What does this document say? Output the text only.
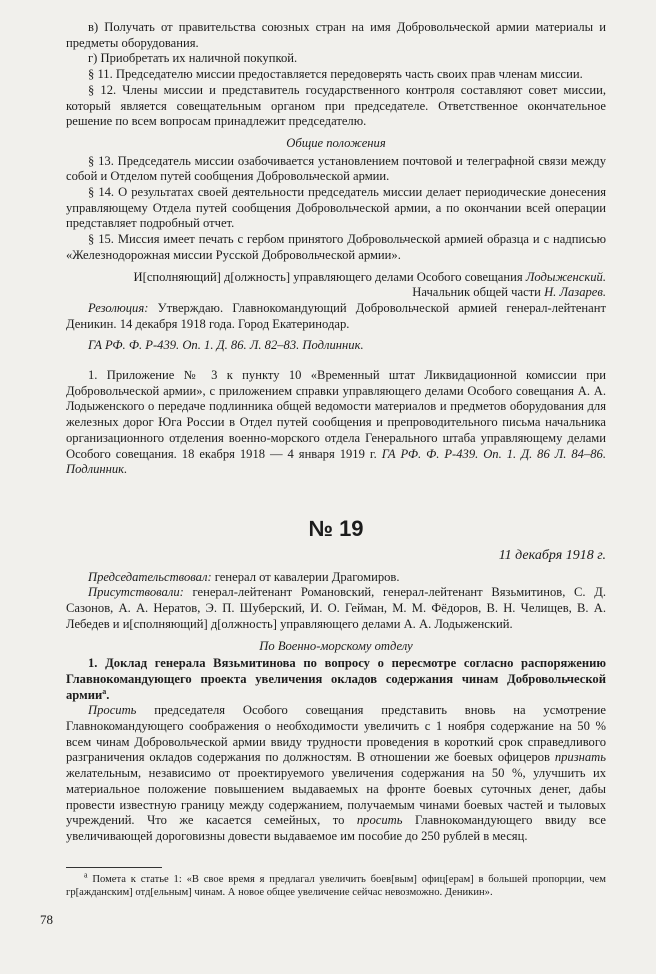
в) Получать от правительства союзных стран на имя Добровольческой армии материалы и предметы оборудования.

г) Приобретать их наличной покупкой.

§ 11. Председателю миссии предоставляется передоверять часть своих прав членам миссии.

§ 12. Члены миссии и представитель государственного контроля составляют совет миссии, который является совещательным органом при председателе. Ответственное окончательное решение по всем вопросам принадлежит председателю.

Общие положения

§ 13. Председатель миссии озабочивается установлением почтовой и телеграфной связи между собой и Отделом путей сообщения Добровольческой армии.

§ 14. О результатах своей деятельности председатель миссии делает периодические донесения управляющему Отдела путей сообщения Добровольческой армии, а по окончании всей операции представляет подробный отчет.

§ 15. Миссия имеет печать с гербом принятого Добровольческой армией образца и с надписью «Железнодорожная миссии Русской Добровольческой армии».

И[сполняющий] д[олжность] управляющего делами Особого совещания Лодыженский.

Начальник общей части Н. Лазарев.

Резолюция: Утверждаю. Главнокомандующий Добровольческой армией генерал-лейтенант Деникин. 14 декабря 1918 года. Город Екатеринодар.

ГА РФ. Ф. Р-439. Оп. 1. Д. 86. Л. 82–83. Подлинник.

1. Приложение № 3 к пункту 10 «Временный штат Ликвидационной комиссии при Добровольческой армии», с приложением справки управляющего делами Особого совещания А. А. Лодыженского о передаче подлинника общей ведомости материалов и предметов оборудования для железных дорог Юга России в Отдел путей сообщения и препроводительного письма начальника организационного отделения военно-морского отдела Генерального штаба управляющему делами Особого совещания. 18 екабря 1918 — 4 января 1919 г. ГА РФ. Ф. Р-439. Оп. 1. Д. 86 Л. 84–86. Подлинник.

№ 19
11 декабря 1918 г.

Председательствовал: генерал от кавалерии Драгомиров.

Присутствовали: генерал-лейтенант Романовский, генерал-лейтенант Вязьмитинов, С. Д. Сазонов, А. А. Нератов, Э. П. Шуберский, И. О. Гейман, М. М. Фёдоров, В. Н. Челищев, В. А. Лебедев и и[сполняющий] д[олжность] управляющего делами А. А. Лодыженский.

По Военно-морскому отделу

1. Доклад генерала Вязьмитинова по вопросу о пересмотре согласно распоряжению Главнокомандующего проекта увеличения окладов содержания чинам Добровольческой армии$^а$.

Просить председателя Особого совещания представить вновь на усмотрение Главнокомандующего соображения о необходимости увеличить с 1 ноября содержание на 50 % всем чинам Добровольческой армии ввиду трудности проведения в короткий срок справедливого разграничения окладов содержания по должностям. В отношении же боевых офицеров признать желательным, независимо от проектируемого увеличения содержания на 50 %, улучшить их материальное положение повышением выдаваемых на фронте боевых суточных денег, дабы провести известную границу между содержанием, получаемым чинами боевых частей и тыловых учреждений. Что же касается семейных, то просить Главнокомандующего ввиду все увеличивающей дороговизны довести выдаваемое им пособие до 250 рублей в месяц.

$^а$ Помета к статье 1: «В свое время я предлагал увеличить боев[вым] офиц[ерам] в большей пропорции, чем гр[ажданским] отд[ельным] чинам. А новое общее увеличение сейчас невозможно. Деникин».

78
